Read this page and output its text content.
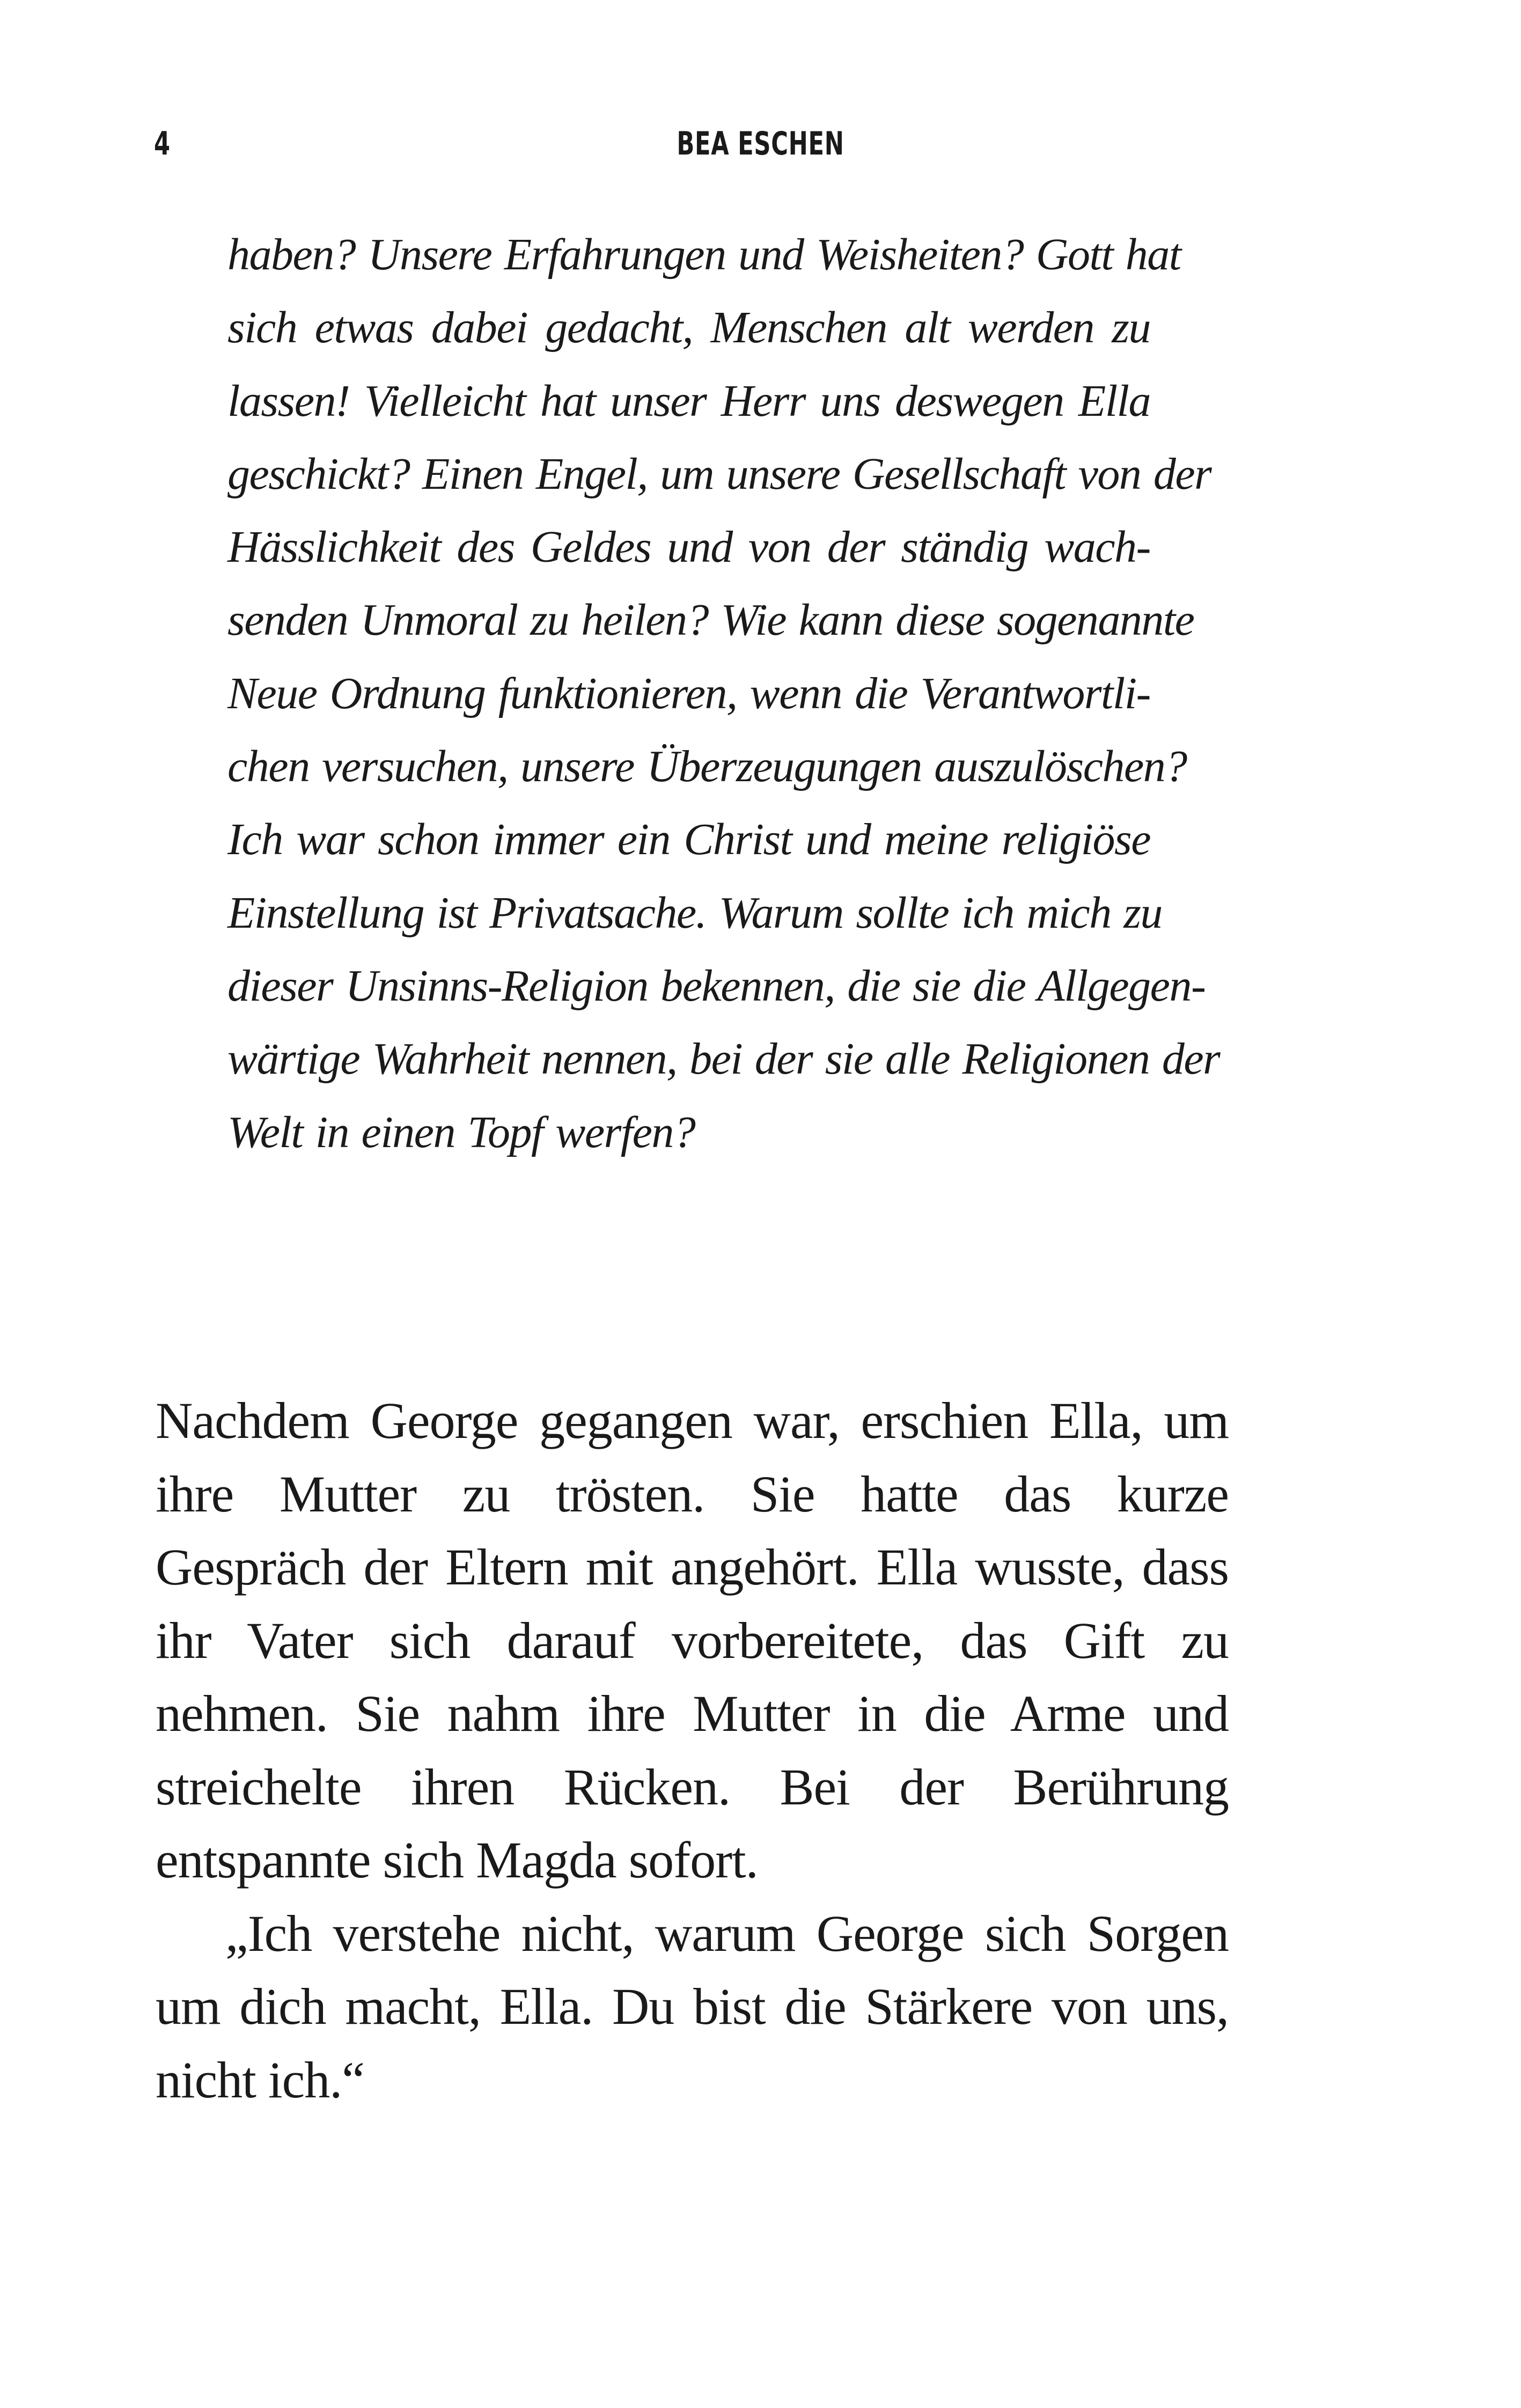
4	BEA ESCHEN
haben? Unsere Erfahrungen und Weisheiten? Gott hat
sich etwas dabei gedacht, Menschen alt werden zu
lassen! Vielleicht hat unser Herr uns deswegen Ella
geschickt? Einen Engel, um unsere Gesellschaft von der
Hässlichkeit des Geldes und von der ständig wach-
senden Unmoral zu heilen? Wie kann diese sogenannte
Neue Ordnung funktionieren, wenn die Verantwortli-
chen versuchen, unsere Überzeugungen auszulöschen?
Ich war schon immer ein Christ und meine religiöse
Einstellung ist Privatsache. Warum sollte ich mich zu
dieser Unsinns-Religion bekennen, die sie die Allgegen-
wärtige Wahrheit nennen, bei der sie alle Religionen der
Welt in einen Topf werfen?
Nachdem George gegangen war, erschien Ella, um
ihre Mutter zu trösten. Sie hatte das kurze
Gespräch der Eltern mit angehört. Ella wusste, dass
ihr Vater sich darauf vorbereitete, das Gift zu
nehmen. Sie nahm ihre Mutter in die Arme und
streichelte ihren Rücken. Bei der Berührung
entspannte sich Magda sofort.
„Ich verstehe nicht, warum George sich Sorgen
um dich macht, Ella. Du bist die Stärkere von uns,
nicht ich.“
